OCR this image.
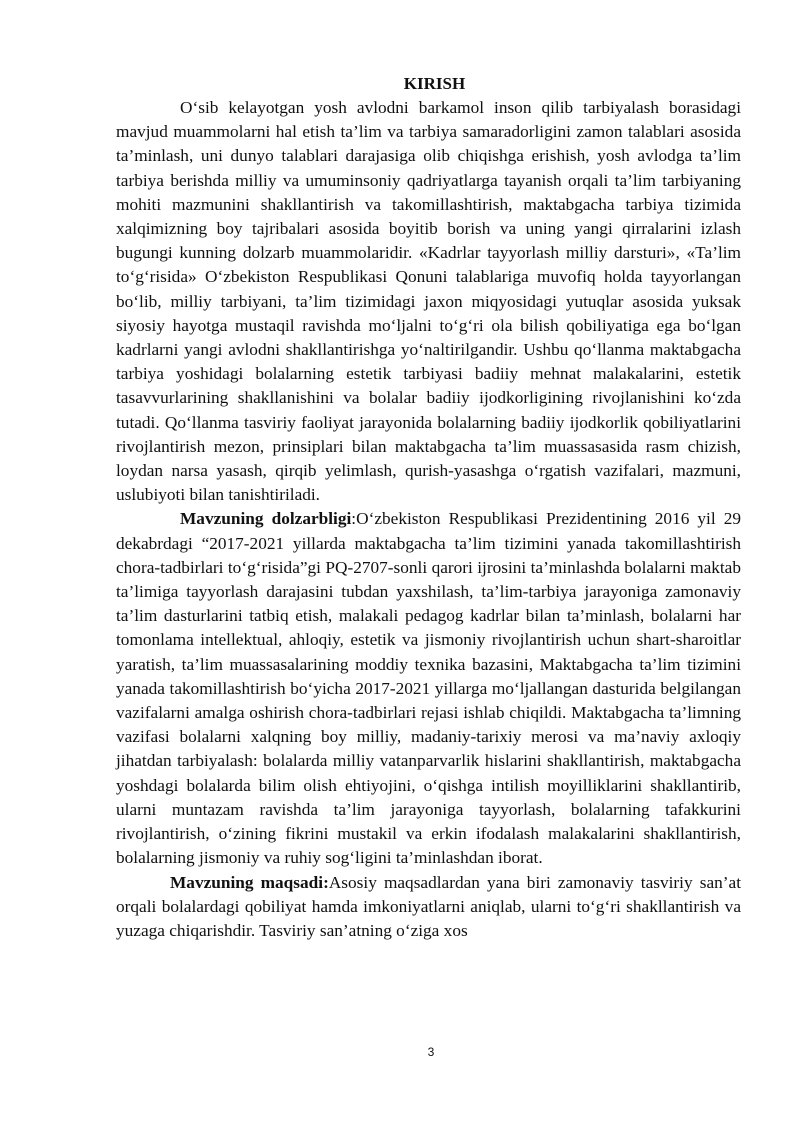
KIRISH

O‘sib kelayotgan yosh avlodni barkamol inson qilib tarbiyalash borasidagi mavjud muammolarni hal etish ta’lim va tarbiya samaradorligini zamon talablari asosida ta’minlash, uni dunyo talablari darajasiga olib chiqishga erishish, yosh avlodga ta’lim tarbiya berishda milliy va umuminsoniy qadriyatlarga tayanish orqali ta’lim tarbiyaning mohiti mazmunini shakllantirish va takomillashtirish, maktabgacha tarbiya tizimida xalqimizning boy tajribalari asosida boyitib borish va uning yangi qirralarini izlash bugungi kunning dolzarb muammolaridir. «Kadrlar tayyorlash milliy darsturi», «Ta’lim to‘g‘risida» O‘zbekiston Respublikasi Qonuni talablariga muvofiq holda tayyorlangan bo‘lib, milliy tarbiyani, ta’lim tizimidagi jaxon miqyosidagi yutuqlar asosida yuksak siyosiy hayotga mustaqil ravishda mo‘ljalni to‘g‘ri ola bilish qobiliyatiga ega bo‘lgan kadrlarni yangi avlodni shakllantirishga yo‘naltirilgandir. Ushbu qo‘llanma maktabgacha tarbiya yoshidagi bolalarning estetik tarbiyasi badiiy mehnat malakalarini, estetik tasavvurlarining shakllanishini va bolalar badiiy ijodkorligining rivojlanishini ko‘zda tutadi. Qo‘llanma tasviriy faoliyat jarayonida bolalarning badiiy ijodkorlik qobiliyatlarini rivojlantirish mezon, prinsiplari bilan maktabgacha ta’lim muassasasida rasm chizish, loydan narsa yasash, qirqib yelimlash, qurish-yasashga o‘rgatish vazifalari, mazmuni, uslubiyoti bilan tanishtiriladi.

Mavzuning dolzarbligi:O‘zbekiston Respublikasi Prezidentining 2016 yil 29 dekabrdagi “2017-2021 yillarda maktabgacha ta’lim tizimini yanada takomillashtirish chora-tadbirlari to‘g‘risida”gi PQ-2707-sonli qarori ijrosini ta’minlashda bolalarni maktab ta’limiga tayyorlash darajasini tubdan yaxshilash, ta’lim-tarbiya jarayoniga zamonaviy ta’lim dasturlarini tatbiq etish, malakali pedagog kadrlar bilan ta’minlash, bolalarni har tomonlama intellektual, ahloqiy, estetik va jismoniy rivojlantirish uchun shart-sharoitlar yaratish, ta’lim muassasalarining moddiy texnika bazasini, Maktabgacha ta’lim tizimini yanada takomillashtirish bo‘yicha 2017-2021 yillarga mo‘ljallangan dasturida belgilangan vazifalarni amalga oshirish chora-tadbirlari rejasi ishlab chiqildi. Maktabgacha ta’limning vazifasi bolalarni xalqning boy milliy, madaniy-tarixiy merosi va ma’naviy axloqiy jihatdan tarbiyalash: bolalarda milliy vatanparvarlik hislarini shakllantirish, maktabgacha yoshdagi bolalarda bilim olish ehtiyojini, o‘qishga intilish moyilliklarini shakllantirib, ularni muntazam ravishda ta’lim jarayoniga tayyorlash, bolalarning tafakkurini rivojlantirish, o‘zining fikrini mustakil va erkin ifodalash malakalarini shakllantirish, bolalarning jismoniy va ruhiy sog‘ligini ta’minlashdan iborat.

Mavzuning maqsadi:Asosiy maqsadlardan yana biri zamonaviy tasviriy san’at orqali bolalardagi qobiliyat hamda imkoniyatlarni aniqlab, ularni to‘g‘ri shakllantirish va yuzaga chiqarishdir. Tasviriy san’atning o‘ziga xos

3
